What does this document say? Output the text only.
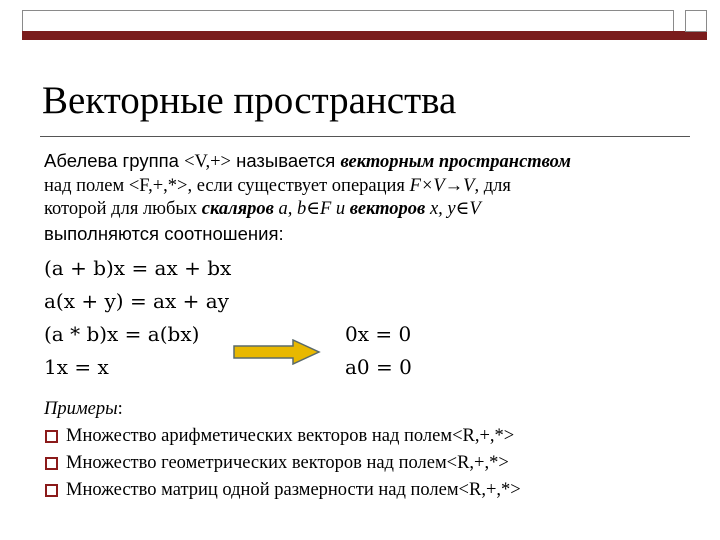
Векторные пространства

Абелева группа <V,+> называется векторным пространством

над полем <F,+,*>, если существует операция F×V→V, для

которой для любых скаляров a, b∈F и векторов x, y∈V

выполняются соотношения:

(a + b)x = ax + bx
a(x + y) = ax + ay
(a * b)x = a(bx)
1x = x
0x = 0
a0 = 0
Примеры :
Множество арифметических векторов над полем <R,+,*>
Множество геометрических векторов над полем <R,+,*>
Множество матриц одной размерности над полем <R,+,*>
